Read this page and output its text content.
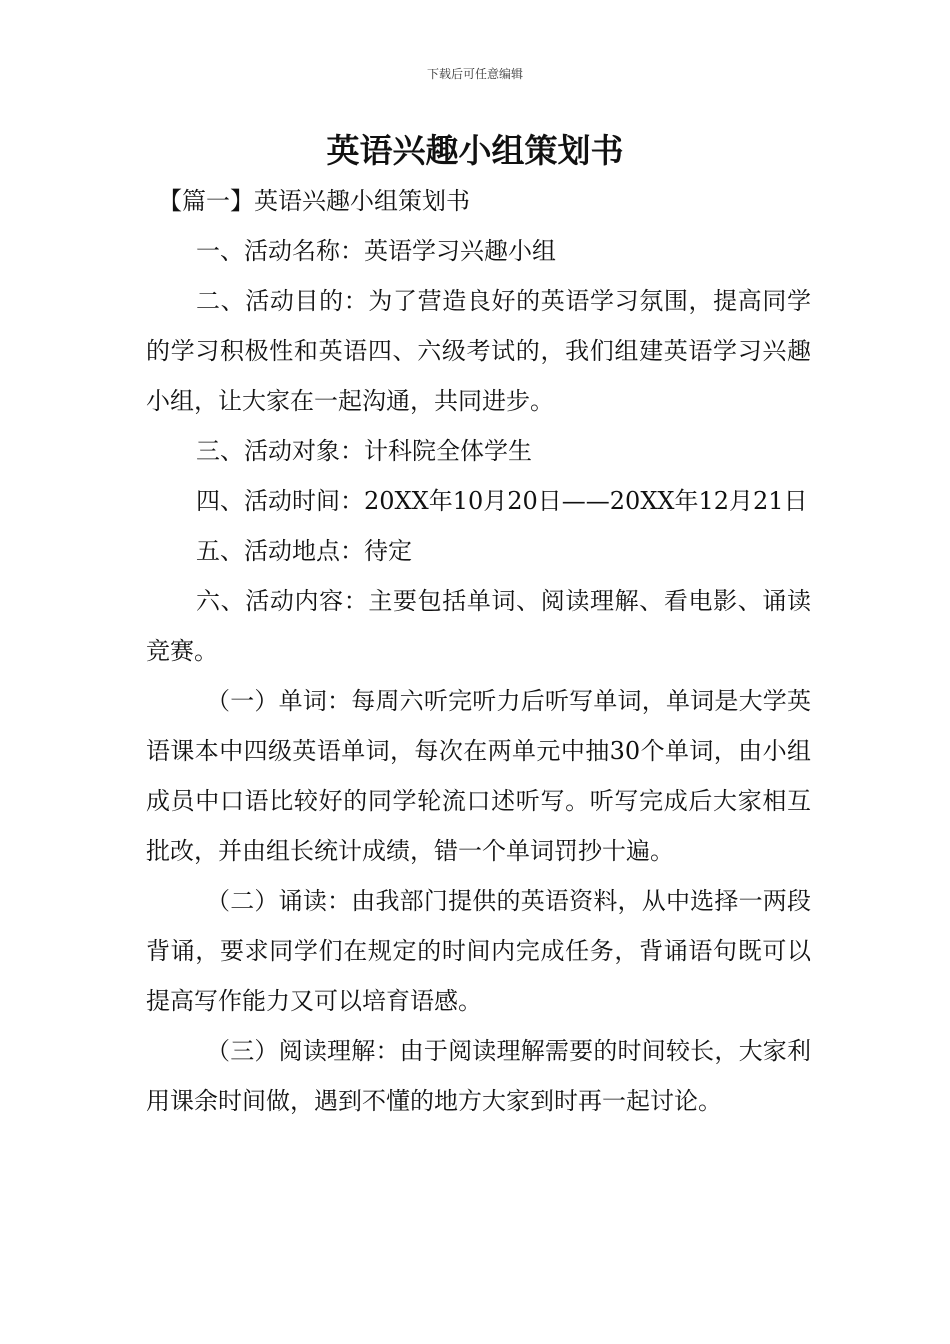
下载后可任意编辑
英语兴趣小组策划书

【篇一】英语兴趣小组策划书

一、活动名称：英语学习兴趣小组

二、活动目的：为了营造良好的英语学习氛围，提高同学的学习积极性和英语四、六级考试的，我们组建英语学习兴趣小组，让大家在一起沟通，共同进步。

三、活动对象：计科院全体学生

四、活动时间：20XX年10月20日——20XX年12月21日

五、活动地点：待定

六、活动内容：主要包括单词、阅读理解、看电影、诵读竞赛。

（一）单词：每周六听完听力后听写单词，单词是大学英语课本中四级英语单词，每次在两单元中抽30个单词，由小组成员中口语比较好的同学轮流口述听写。听写完成后大家相互批改，并由组长统计成绩，错一个单词罚抄十遍。

（二）诵读：由我部门提供的英语资料，从中选择一两段背诵，要求同学们在规定的时间内完成任务，背诵语句既可以提高写作能力又可以培育语感。

（三）阅读理解：由于阅读理解需要的时间较长，大家利用课余时间做，遇到不懂的地方大家到时再一起讨论。
